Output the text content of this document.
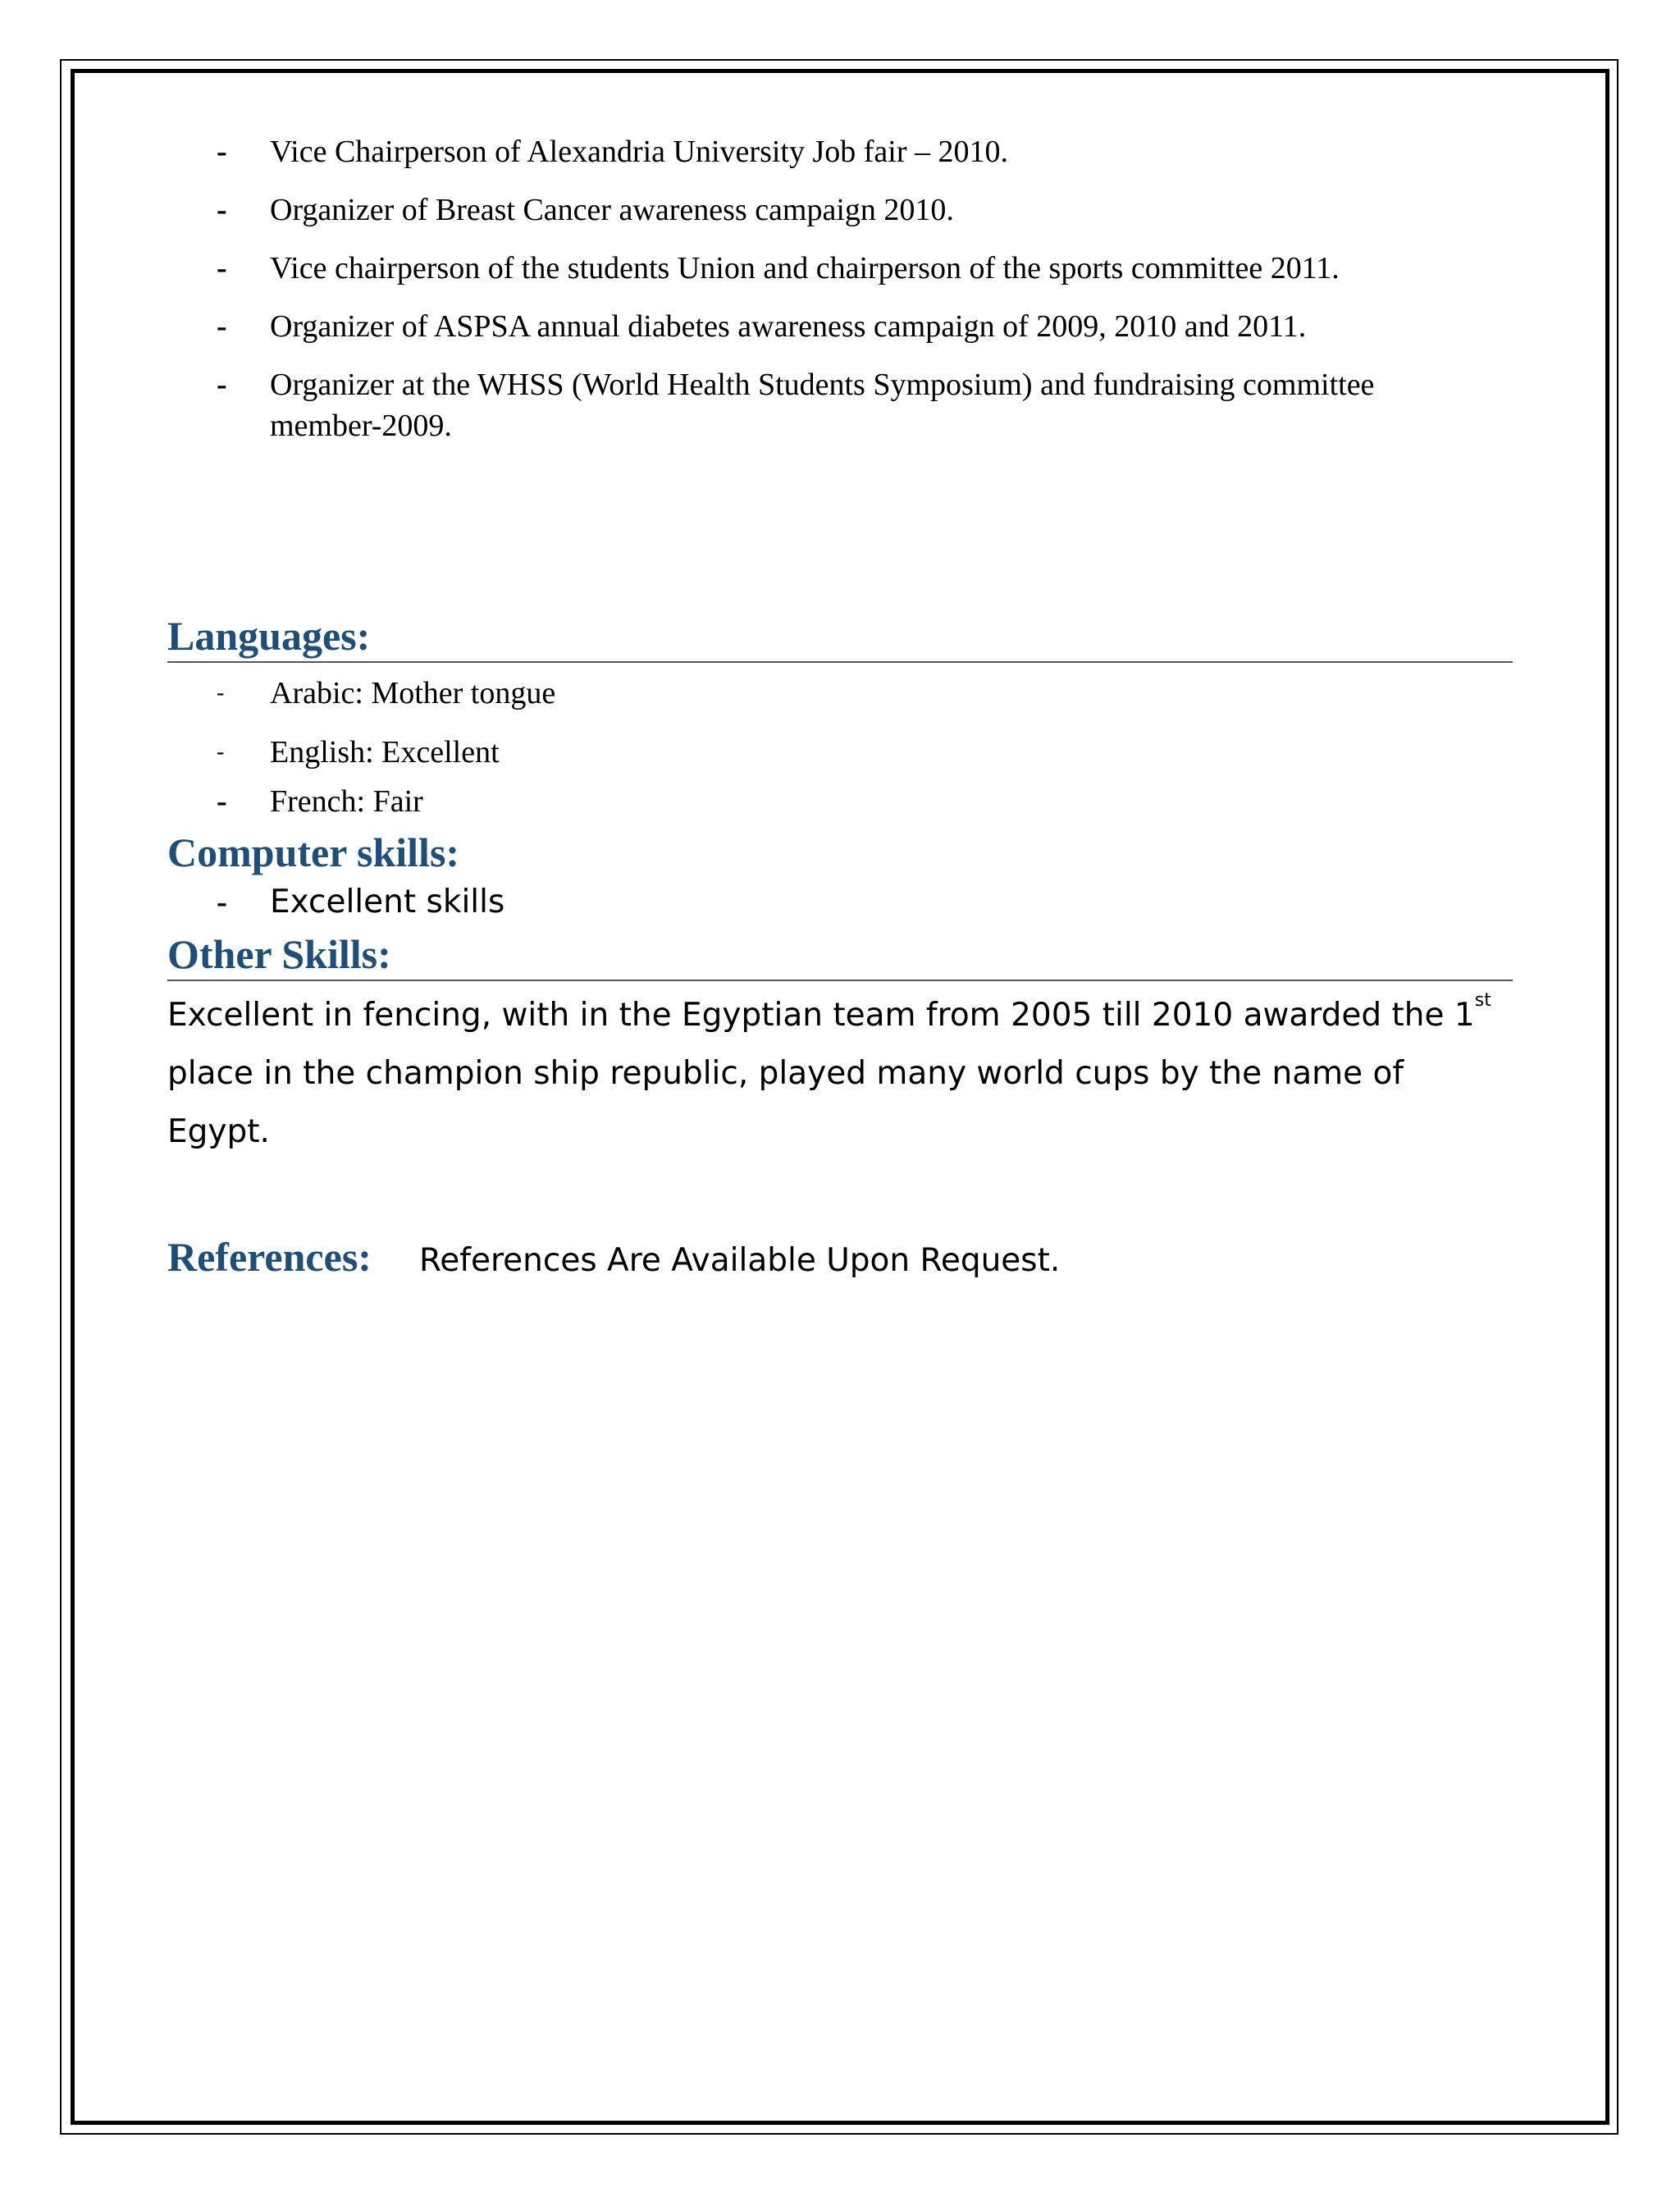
- Vice Chairperson of Alexandria University Job fair – 2010.
- Organizer of Breast Cancer awareness campaign 2010.
- Vice chairperson of the students Union and chairperson of the sports committee 2011.
- Organizer of ASPSA annual diabetes awareness campaign of 2009, 2010 and 2011.
- Organizer at the WHSS (World Health Students Symposium) and fundraising committee member-2009.
Languages:
- Arabic: Mother tongue
- English: Excellent
- French: Fair
Computer skills:
- Excellent skills
Other Skills:
Excellent in fencing, with in the Egyptian team from 2005 till 2010 awarded the 1st
place in the champion ship republic, played many world cups by the name of Egypt.
References: References Are Available Upon Request.
